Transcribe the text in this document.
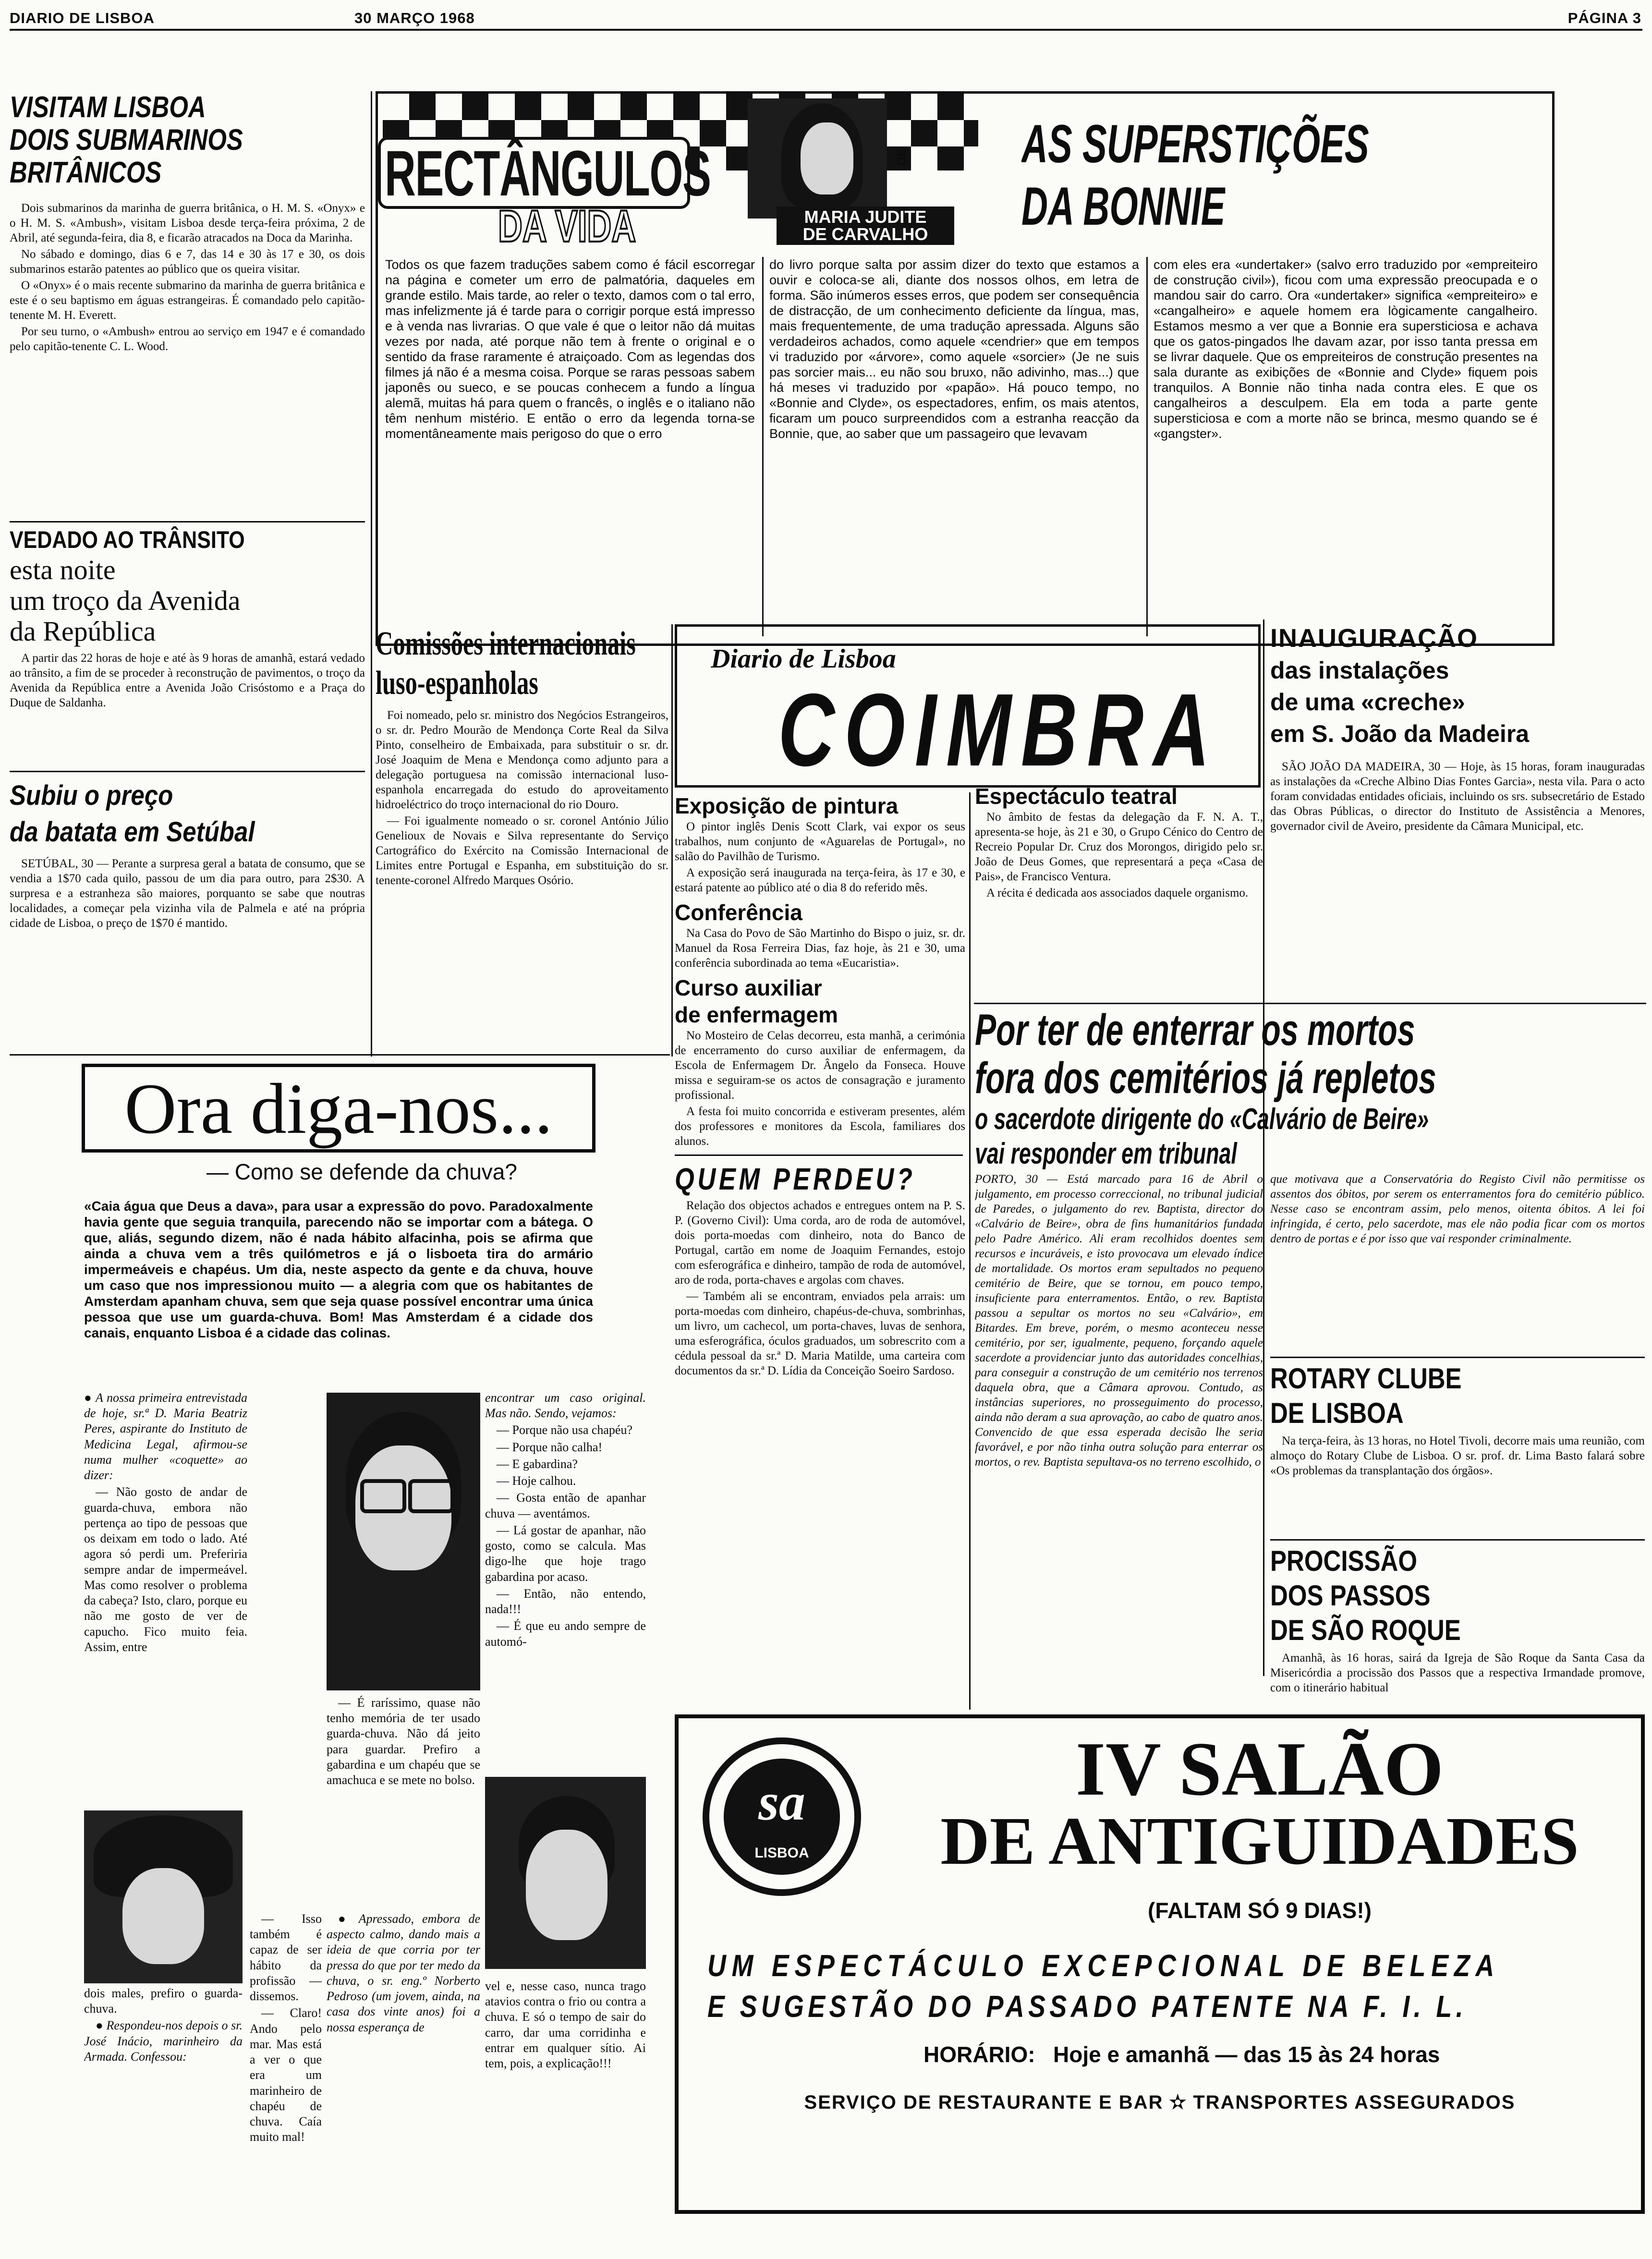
DIARIO DE LISBOA	30 MARÇO 1968	PÁGINA 3
VISITAM LISBOA
DOIS SUBMARINOS
BRITÂNICOS

Dois submarinos da marinha de guerra britânica, o H. M. S. «Onyx» e o H. M. S. «Ambush», visitam Lisboa desde terça-feira próxima, 2 de Abril, até segunda-feira, dia 8, e ficarão atracados na Doca da Marinha.

No sábado e domingo, dias 6 e 7, das 14 e 30 às 17 e 30, os dois submarinos estarão patentes ao público que os queira visitar.

O «Onyx» é o mais recente submarino da marinha de guerra britânica e este é o seu baptismo em águas estrangeiras. É comandado pelo capitão-tenente M. H. Everett.

Por seu turno, o «Ambush» entrou ao serviço em 1947 e é comandado pelo capitão-tenente C. L. Wood.

VEDADO AO TRÂNSITO
esta noite
um troço da Avenida
da República

A partir das 22 horas de hoje e até às 9 horas de amanhã, estará vedado ao trânsito, a fim de se proceder à reconstrução de pavimentos, o troço da Avenida da República entre a Avenida João Crisóstomo e a Praça do Duque de Saldanha.

Subiu o preço
da batata em Setúbal

SETÚBAL, 30 — Perante a surpresa geral a batata de consumo, que se vendia a 1$70 cada quilo, passou de um dia para outro, para 2$30. A surpresa e a estranheza são maiores, porquanto se sabe que noutras localidades, a começar pela vizinha vila de Palmela e até na própria cidade de Lisboa, o preço de 1$70 é mantido.

RECTÂNGULOS
DA VIDA
DE
MARIA JUDITE
DE CARVALHO
AS SUPERSTIÇÕES
DA BONNIE
Todos os que fazem traduções sabem como é fácil escorregar na página e cometer um erro de palmatória, daqueles em grande estilo. Mais tarde, ao reler o texto, damos com o tal erro, mas infelizmente já é tarde para o corrigir porque está impresso e à venda nas livrarias. O que vale é que o leitor não dá muitas vezes por nada, até porque não tem à frente o original e o sentido da frase raramente é atraiçoado. Com as legendas dos filmes já não é a mesma coisa. Porque se raras pessoas sabem japonês ou sueco, e se poucas conhecem a fundo a língua alemã, muitas há para quem o francês, o inglês e o italiano não têm nenhum mistério. E então o erro da legenda torna-se momentâneamente mais perigoso do que o erro
do livro porque salta por assim dizer do texto que estamos a ouvir e coloca-se ali, diante dos nossos olhos, em letra de forma. São inúmeros esses erros, que podem ser consequência de distracção, de um conhecimento deficiente da língua, mas, mais frequentemente, de uma tradução apressada. Alguns são verdadeiros achados, como aquele «cendrier» que em tempos vi traduzido por «árvore», como aquele «sorcier» (Je ne suis pas sorcier mais... eu não sou bruxo, não adivinho, mas...) que há meses vi traduzido por «papão». Há pouco tempo, no «Bonnie and Clyde», os espectadores, enfim, os mais atentos, ficaram um pouco surpreendidos com a estranha reacção da Bonnie, que, ao saber que um passageiro que levavam
com eles era «undertaker» (salvo erro traduzido por «empreiteiro de construção civil»), ficou com uma expressão preocupada e o mandou sair do carro. Ora «undertaker» significa «empreiteiro» e «cangalheiro» e aquele homem era lògicamente cangalheiro. Estamos mesmo a ver que a Bonnie era supersticiosa e achava que os gatos-pingados lhe davam azar, por isso tanta pressa em se livrar daquele. Que os empreiteiros de construção presentes na sala durante as exibições de «Bonnie and Clyde» fiquem pois tranquilos. A Bonnie não tinha nada contra eles. E que os cangalheiros a desculpem. Ela em toda a parte gente supersticiosa e com a morte não se brinca, mesmo quando se é «gangster».
Comissões internacionais
luso-espanholas

Foi nomeado, pelo sr. ministro dos Negócios Estrangeiros, o sr. dr. Pedro Mourão de Mendonça Corte Real da Silva Pinto, conselheiro de Embaixada, para substituir o sr. dr. José Joaquim de Mena e Mendonça como adjunto para a delegação portuguesa na comissão internacional luso-espanhola encarregada do estudo do aproveitamento hidroeléctrico do troço internacional do rio Douro.

— Foi igualmente nomeado o sr. coronel António Júlio Genelioux de Novais e Silva representante do Serviço Cartográfico do Exército na Comissão Internacional de Limites entre Portugal e Espanha, em substituição do sr. tenente-coronel Alfredo Marques Osório.

Diario de Lisboa
COIMBRA
Exposição de pintura

O pintor inglês Denis Scott Clark, vai expor os seus trabalhos, num conjunto de «Aguarelas de Portugal», no salão do Pavilhão de Turismo.

A exposição será inaugurada na terça-feira, às 17 e 30, e estará patente ao público até o dia 8 do referido mês.

Conferência

Na Casa do Povo de São Martinho do Bispo o juiz, sr. dr. Manuel da Rosa Ferreira Dias, faz hoje, às 21 e 30, uma conferência subordinada ao tema «Eucaristia».

Curso auxiliar
de enfermagem

No Mosteiro de Celas decorreu, esta manhã, a cerimónia de encerramento do curso auxiliar de enfermagem, da Escola de Enfermagem Dr. Ângelo da Fonseca. Houve missa e seguiram-se os actos de consagração e juramento profissional.

A festa foi muito concorrida e estiveram presentes, além dos professores e monitores da Escola, familiares dos alunos.

QUEM PERDEU?

Relação dos objectos achados e entregues ontem na P. S. P. (Governo Civil): Uma corda, aro de roda de automóvel, dois porta-moedas com dinheiro, nota do Banco de Portugal, cartão em nome de Joaquim Fernandes, estojo com esferográfica e dinheiro, tampão de roda de automóvel, aro de roda, porta-chaves e argolas com chaves.

— Também ali se encontram, enviados pela arrais: um porta-moedas com dinheiro, chapéus-de-chuva, sombrinhas, um livro, um cachecol, um porta-chaves, luvas de senhora, uma esferográfica, óculos graduados, um sobrescrito com a cédula pessoal da sr.ª D. Maria Matilde, uma carteira com documentos da sr.ª D. Lídia da Conceição Soeiro Sardoso.

Espectáculo teatral

No âmbito de festas da delegação da F. N. A. T., apresenta-se hoje, às 21 e 30, o Grupo Cénico do Centro de Recreio Popular Dr. Cruz dos Morongos, dirigido pelo sr. João de Deus Gomes, que representará a peça «Casa de Pais», de Francisco Ventura.

A récita é dedicada aos associados daquele organismo.

INAUGURAÇÃO
das instalações
de uma «creche»
em S. João da Madeira

SÃO JOÃO DA MADEIRA, 30 — Hoje, às 15 horas, foram inauguradas as instalações da «Creche Albino Dias Fontes Garcia», nesta vila. Para o acto foram convidadas entidades oficiais, incluindo os srs. subsecretário de Estado das Obras Públicas, o director do Instituto de Assistência a Menores, governador civil de Aveiro, presidente da Câmara Municipal, etc.

Por ter de enterrar os mortos
fora dos cemitérios já repletos
o sacerdote dirigente do «Calvário de Beire»
vai responder em tribunal
PORTO, 30 — Está marcado para 16 de Abril o julgamento, em processo correccional, no tribunal judicial de Paredes, o julgamento do rev. Baptista, director do «Calvário de Beire», obra de fins humanitários fundada pelo Padre Américo. Ali eram recolhidos doentes sem recursos e incuráveis, e isto provocava um elevado índice de mortalidade. Os mortos eram sepultados no pequeno cemitério de Beire, que se tornou, em pouco tempo, insuficiente para enterramentos. Então, o rev. Baptista passou a sepultar os mortos no seu «Calvário», em Bitardes. Em breve, porém, o mesmo aconteceu nesse cemitério, por ser, igualmente, pequeno, forçando aquele sacerdote a providenciar junto das autoridades concelhias, para conseguir a construção de um cemitério nos terrenos daquela obra, que a Câmara aprovou. Contudo, as instâncias superiores, no prosseguimento do processo, ainda não deram a sua aprovação, ao cabo de quatro anos. Convencido de que essa esperada decisão lhe seria favorável, e por não tinha outra solução para enterrar os mortos, o rev. Baptista sepultava-os no terreno escolhido, o
que motivava que a Conservatória do Registo Civil não permitisse os assentos dos óbitos, por serem os enterramentos fora do cemitério público. Nesse caso se encontram assim, pelo menos, oitenta óbitos. A lei foi infringida, é certo, pelo sacerdote, mas ele não podia ficar com os mortos dentro de portas e é por isso que vai responder criminalmente.
ROTARY CLUBE
DE LISBOA

Na terça-feira, às 13 horas, no Hotel Tivoli, decorre mais uma reunião, com almoço do Rotary Clube de Lisboa. O sr. prof. dr. Lima Basto falará sobre «Os problemas da transplantação dos órgãos».

PROCISSÃO
DOS PASSOS
DE SÃO ROQUE

Amanhã, às 16 horas, sairá da Igreja de São Roque da Santa Casa da Misericórdia a procissão dos Passos que a respectiva Irmandade promove, com o itinerário habitual

Ora diga-nos...
— Como se defende da chuva?
«Caia água que Deus a dava», para usar a expressão do povo. Paradoxalmente havia gente que seguia tranquila, parecendo não se importar com a bátega. O que, aliás, segundo dizem, não é nada hábito alfacinha, pois se afirma que ainda a chuva vem a três quilómetros e já o lisboeta tira do armário impermeáveis e chapéus. Um dia, neste aspecto da gente e da chuva, houve um caso que nos impressionou muito — a alegria com que os habitantes de Amsterdam apanham chuva, sem que seja quase possível encontrar uma única pessoa que use um guarda-chuva. Bom! Mas Amsterdam é a cidade dos canais, enquanto Lisboa é a cidade das colinas.

● A nossa primeira entrevistada de hoje, sr.ª D. Maria Beatriz Peres, aspirante do Instituto de Medicina Legal, afirmou-se numa mulher «coquette» ao dizer:

— Não gosto de andar de guarda-chuva, embora não pertença ao tipo de pessoas que os deixam em todo o lado. Até agora só perdi um. Preferiria sempre andar de impermeável. Mas como resolver o problema da cabeça? Isto, claro, porque eu não me gosto de ver de capucho. Fico muito feia. Assim, entre

— É raríssimo, quase não tenho memória de ter usado guarda-chuva. Não dá jeito para guardar. Prefiro a gabardina e um chapéu que se amachuca e se mete no bolso.

dois males, prefiro o guarda-chuva.

● Respondeu-nos depois o sr. José Inácio, marinheiro da Armada. Confessou:

— Isso também é capaz de ser hábito da profissão — dissemos.

— Claro! Ando pelo mar. Mas está a ver o que era um marinheiro de chapéu de chuva. Caía muito mal!

● Apressado, embora de aspecto calmo, dando mais a ideia de que corria por ter pressa do que por ter medo da chuva, o sr. eng.º Norberto Pedroso (um jovem, ainda, na casa dos vinte anos) foi a nossa esperança de

encontrar um caso original. Mas não. Sendo, vejamos:

— Porque não usa chapéu?

— Porque não calha!

— E gabardina?

— Hoje calhou.

— Gosta então de apanhar chuva — aventámos.

— Lá gostar de apanhar, não gosto, como se calcula. Mas digo-lhe que hoje trago gabardina por acaso.

— Então, não entendo, nada!!!

— É que eu ando sempre de automó-

vel e, nesse caso, nunca trago atavios contra o frio ou contra a chuva. E só o tempo de sair do carro, dar uma corridinha e entrar em qualquer sítio. Ai tem, pois, a explicação!!!

sa
LISBOA
IV SALÃO
DE ANTIGUIDADES
(FALTAM SÓ 9 DIAS!)
UM ESPECTÁCULO EXCEPCIONAL DE BELEZA
E SUGESTÃO DO PASSADO PATENTE NA F. I. L.
HORÁRIO: Hoje e amanhã — das 15 às 24 horas
SERVIÇO DE RESTAURANTE E BAR ✫ TRANSPORTES ASSEGURADOS
